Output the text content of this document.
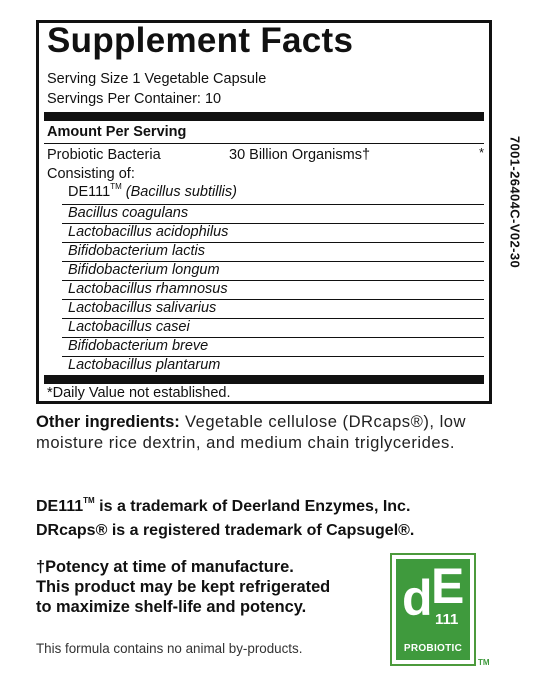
Supplement Facts
Serving Size 1 Vegetable Capsule
Servings Per Container: 10
Amount Per Serving
Probiotic Bacteria	30 Billion Organisms†	*
Consisting of:
DE111™ (Bacillus subtillis)
Bacillus coagulans
Lactobacillus acidophilus
Bifidobacterium lactis
Bifidobacterium longum
Lactobacillus rhamnosus
Lactobacillus salivarius
Lactobacillus casei
Bifidobacterium breve
Lactobacillus plantarum
*Daily Value not established.
7001-26404C-V02-30
Other ingredients: Vegetable cellulose (DRcaps®), low moisture rice dextrin, and medium chain triglycerides.
DE111™ is a trademark of Deerland Enzymes, Inc.
DRcaps® is a registered trademark of Capsugel®.
†Potency at time of manufacture.
This product may be kept refrigerated
to maximize shelf-life and potency.
This formula contains no animal by-products.
d
E
111
PROBIOTIC
TM
